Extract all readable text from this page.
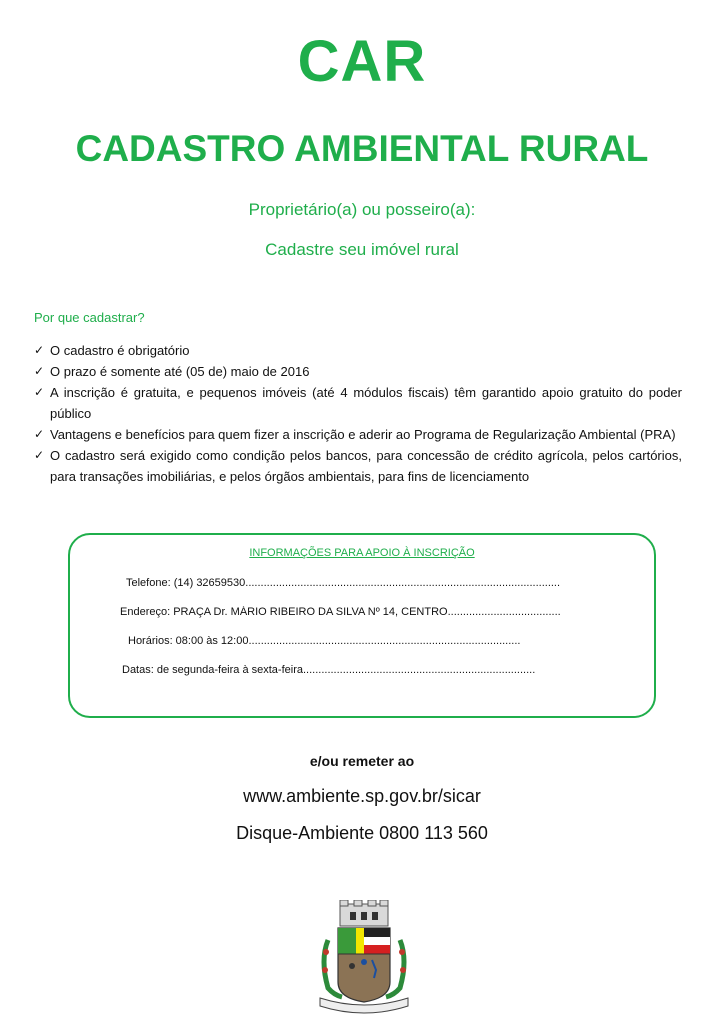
CAR
CADASTRO AMBIENTAL RURAL
Proprietário(a) ou posseiro(a):
Cadastre seu imóvel rural
Por que cadastrar?
✓ O cadastro é obrigatório
✓ O prazo é somente até (05 de) maio de 2016
✓ A inscrição é gratuita, e pequenos imóveis (até 4 módulos fiscais) têm garantido apoio gratuito do poder público
✓ Vantagens e benefícios para quem fizer a inscrição e aderir ao Programa de Regularização Ambiental (PRA)
✓ O cadastro será exigido como condição pelos bancos, para concessão de crédito agrícola, pelos cartórios, para transações imobiliárias, e pelos órgãos ambientais, para fins de licenciamento
INFORMAÇÕES PARA APOIO À INSCRIÇÃO
Telefone: (14) 32659530.......................................................................................................
Endereço: PRAÇA Dr. MÁRIO RIBEIRO DA SILVA Nº 14, CENTRO.....................................
Horários: 08:00 às 12:00.........................................................................................
Datas: de segunda-feira à sexta-feira............................................................................
e/ou remeter ao
www.ambiente.sp.gov.br/sicar
Disque-Ambiente 0800 113 560
